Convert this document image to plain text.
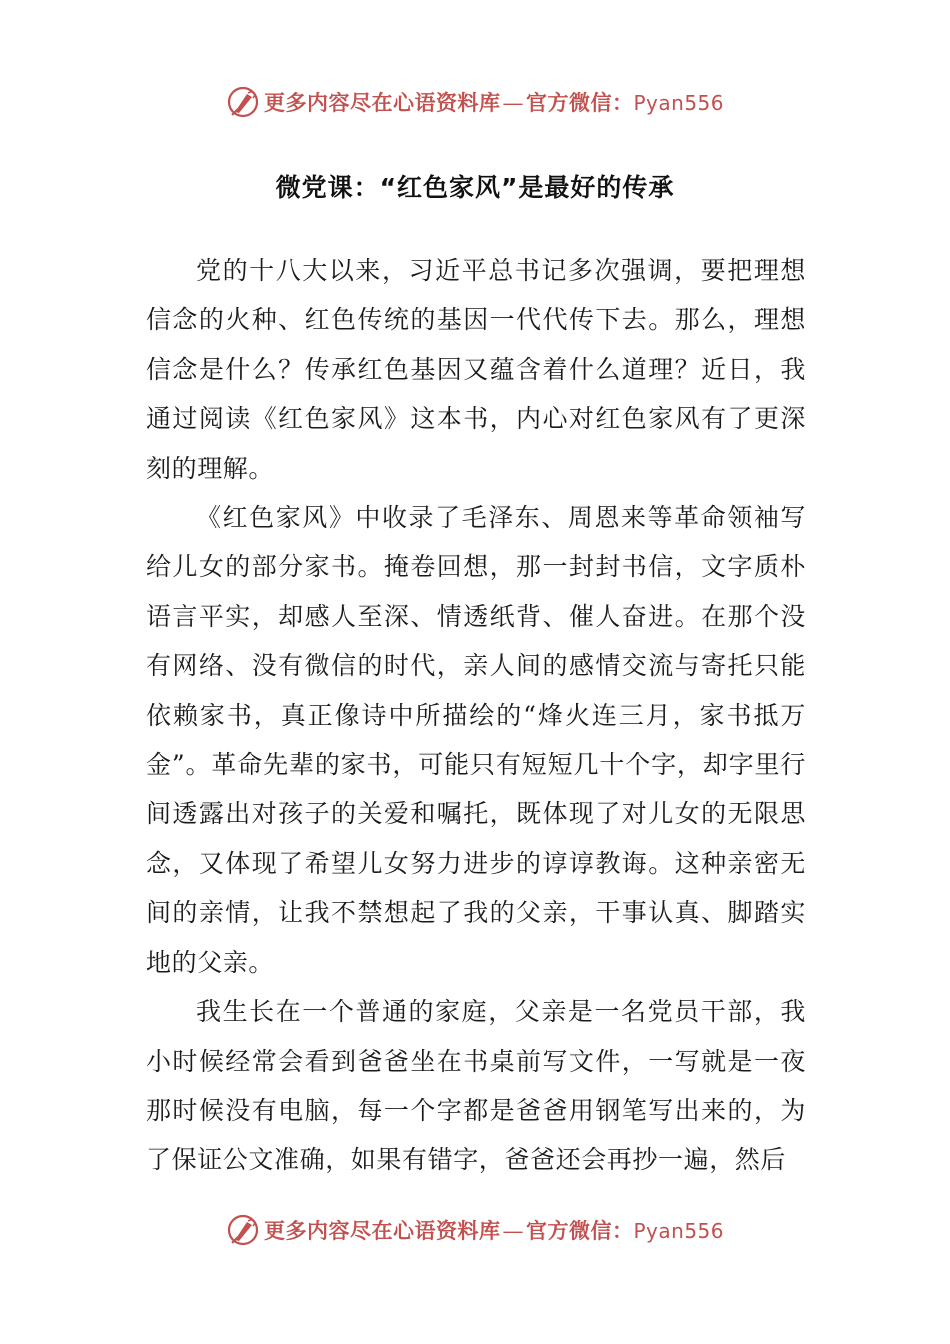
更多内容尽在心语资料库—官方微信：Pyan556
微党课：“红色家风”是最好的传承

党的十八大以来，习近平总书记多次强调，要把理想信念的火种、红色传统的基因一代代传下去。那么，理想信念是什么？传承红色基因又蕴含着什么道理？近日，我通过阅读《红色家风》这本书，内心对红色家风有了更深刻的理解。

《红色家风》中收录了毛泽东、周恩来等革命领袖写给儿女的部分家书。掩卷回想，那一封封书信，文字质朴语言平实，却感人至深、情透纸背、催人奋进。在那个没有网络、没有微信的时代，亲人间的感情交流与寄托只能依赖家书，真正像诗中所描绘的“烽火连三月，家书抵万金”。革命先辈的家书，可能只有短短几十个字，却字里行间透露出对孩子的关爱和嘱托，既体现了对儿女的无限思念，又体现了希望儿女努力进步的谆谆教诲。这种亲密无间的亲情，让我不禁想起了我的父亲，干事认真、脚踏实地的父亲。

我生长在一个普通的家庭，父亲是一名党员干部，我小时候经常会看到爸爸坐在书桌前写文件，一写就是一夜那时候没有电脑，每一个字都是爸爸用钢笔写出来的，为了保证公文准确，如果有错字，爸爸还会再抄一遍，然后

更多内容尽在心语资料库—官方微信：Pyan556
